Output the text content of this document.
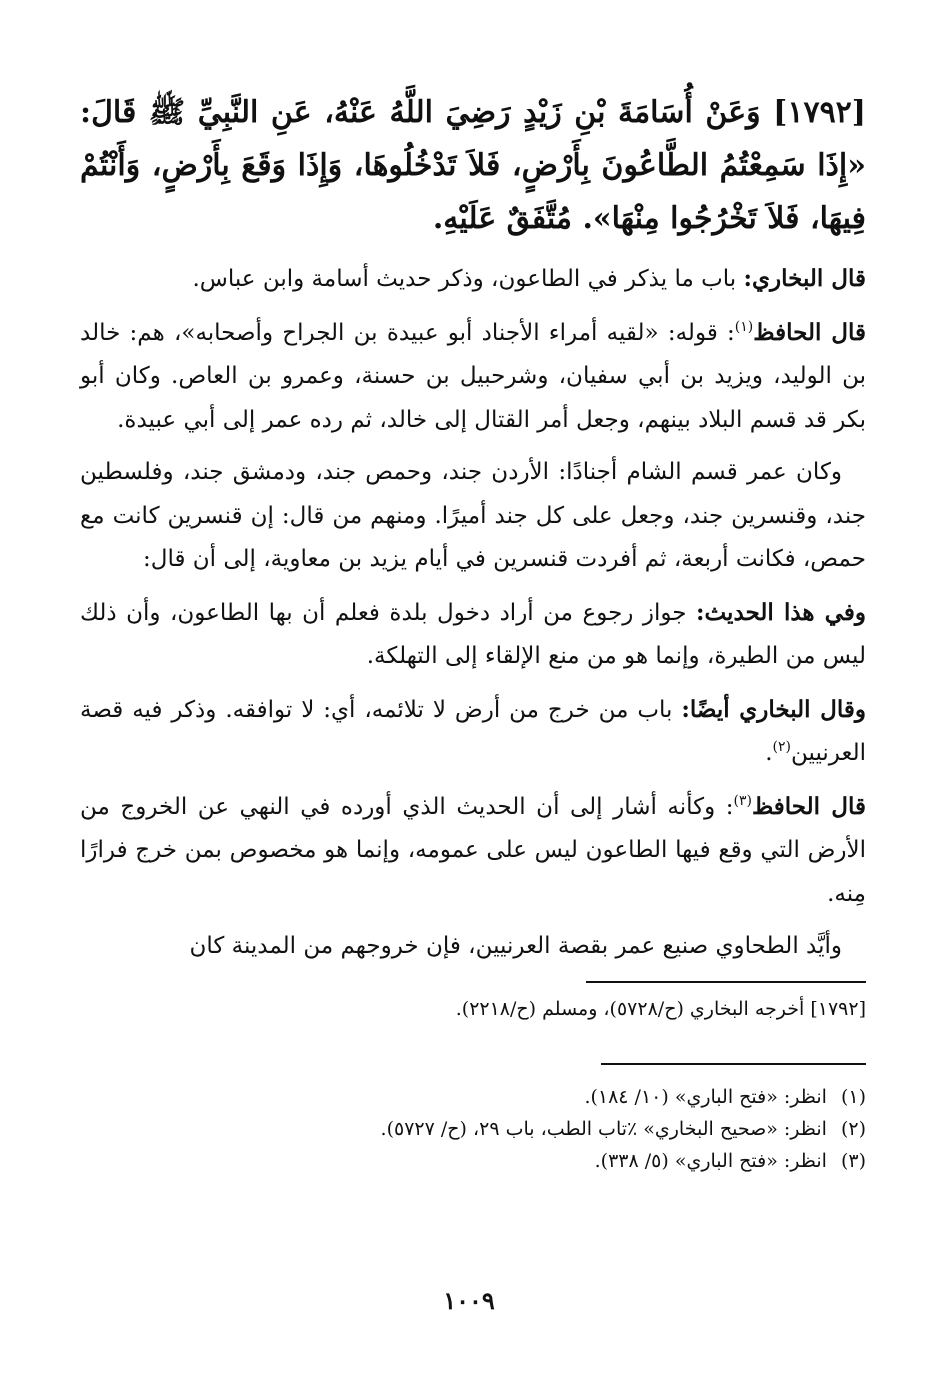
[١٧٩٢] وَعَنْ أُسَامَةَ بْنِ زَيْدٍ رَضِيَ اللَّهُ عَنْهُ، عَنِ النَّبِيِّ ﷺ قَالَ: «إِذَا سَمِعْتُمُ الطَّاعُونَ بِأَرْضٍ، فَلاَ تَدْخُلُوهَا، وَإِذَا وَقَعَ بِأَرْضٍ، وَأَنْتُمْ فِيهَا، فَلاَ تَخْرُجُوا مِنْهَا». مُتَّفَقٌ عَلَيْهِ.

قال البخاري: باب ما يذكر في الطاعون، وذكر حديث أسامة وابن عباس.

قال الحافظ$^{(١)}$: قوله: «لقيه أمراء الأجناد أبو عبيدة بن الجراح وأصحابه»، هم: خالد بن الوليد، ويزيد بن أبي سفيان، وشرحبيل بن حسنة، وعمرو بن العاص. وكان أبو بكر قد قسم البلاد بينهم، وجعل أمر القتال إلى خالد، ثم رده عمر إلى أبي عبيدة.

وكان عمر قسم الشام أجنادًا: الأردن جند، وحمص جند، ودمشق جند، وفلسطين جند، وقنسرين جند، وجعل على كل جند أميرًا. ومنهم من قال: إن قنسرين كانت مع حمص، فكانت أربعة، ثم أفردت قنسرين في أيام يزيد بن معاوية، إلى أن قال:

وفي هذا الحديث: جواز رجوع من أراد دخول بلدة فعلم أن بها الطاعون، وأن ذلك ليس من الطيرة، وإنما هو من منع الإلقاء إلى التهلكة.

وقال البخاري أيضًا: باب من خرج من أرض لا تلائمه، أي: لا توافقه. وذكر فيه قصة العرنيين$^{(٢)}$.

قال الحافظ$^{(٣)}$: وكأنه أشار إلى أن الحديث الذي أورده في النهي عن الخروج من الأرض التي وقع فيها الطاعون ليس على عمومه، وإنما هو مخصوص بمن خرج فرارًا مِنه.

وأيَّد الطحاوي صنيع عمر بقصة العرنيين، فإن خروجهم من المدينة كان

[١٧٩٢] أخرجه البخاري (ح/٥٧٢٨)، ومسلم (ح/٢٢١٨).

(١)انظر: «فتح الباري» (١٠/ ١٨٤).
(٢)انظر: «صحيح البخاري» ٪تاب الطب، باب ٢٩، (ح/ ٥٧٢٧).
(٣)انظر: «فتح الباري» (٥/ ٣٣٨).
١٠٠٩
